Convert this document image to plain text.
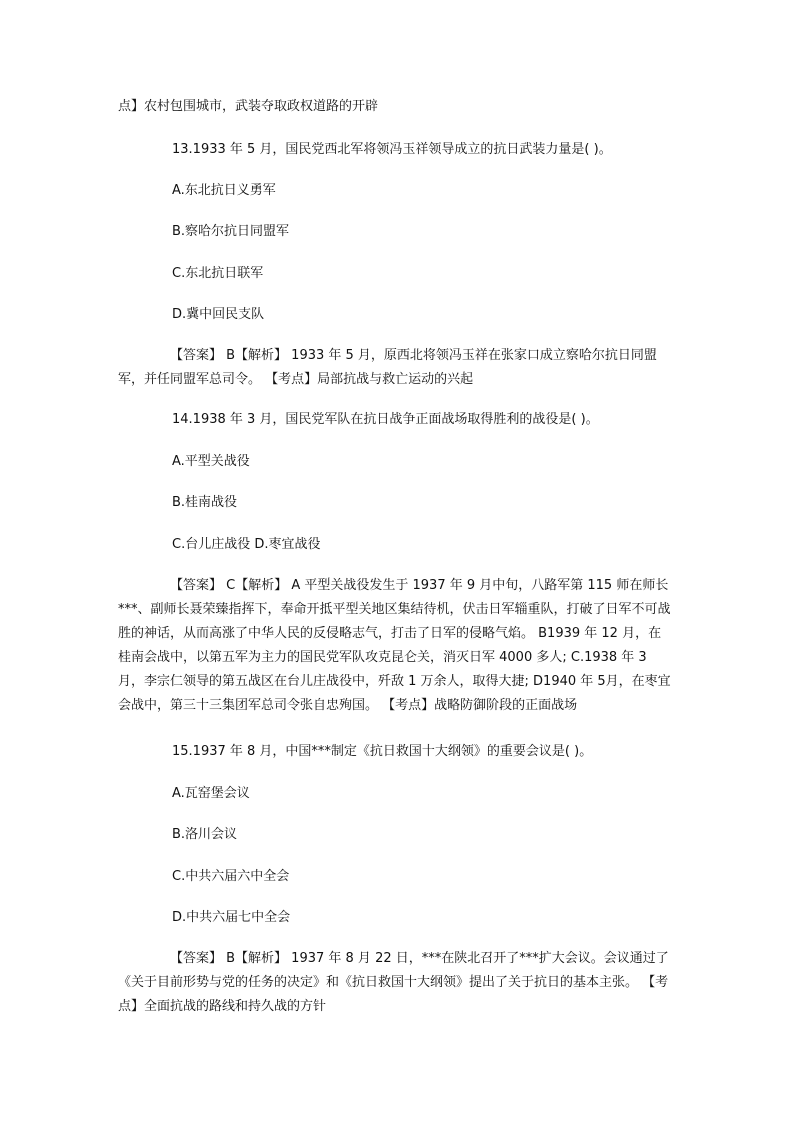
点】农村包围城市，武装夺取政权道路的开辟
13.1933 年 5 月，国民党西北军将领冯玉祥领导成立的抗日武装力量是( )。
A.东北抗日义勇军
B.察哈尔抗日同盟军
C.东北抗日联军
D.冀中回民支队
【答案】 B【解析】 1933 年 5 月，原西北将领冯玉祥在张家口成立察哈尔抗日同盟军，并任同盟军总司令。 【考点】局部抗战与救亡运动的兴起
14.1938 年 3 月，国民党军队在抗日战争正面战场取得胜利的战役是( )。
A.平型关战役
B.桂南战役
C.台儿庄战役 D.枣宜战役
【答案】 C【解析】 A 平型关战役发生于 1937 年 9 月中旬，八路军第 115 师在师长***、副师长聂荣臻指挥下，奉命开抵平型关地区集结待机，伏击日军辎重队，打破了日军不可战胜的神话，从而高涨了中华人民的反侵略志气，打击了日军的侵略气焰。 B1939 年 12 月，在桂南会战中，以第五军为主力的国民党军队攻克昆仑关，消灭日军 4000 多人; C.1938 年 3 月，李宗仁领导的第五战区在台儿庄战役中，歼敌 1 万余人，取得大捷; D1940 年 5月，在枣宜会战中，第三十三集团军总司令张自忠殉国。 【考点】战略防御阶段的正面战场
15.1937 年 8 月，中国***制定《抗日救国十大纲领》的重要会议是( )。
A.瓦窑堡会议
B.洛川会议
C.中共六届六中全会
D.中共六届七中全会
【答案】 B【解析】 1937 年 8 月 22 日，***在陕北召开了***扩大会议。会议通过了《关于目前形势与党的任务的决定》和《抗日救国十大纲领》提出了关于抗日的基本主张。 【考点】全面抗战的路线和持久战的方针
